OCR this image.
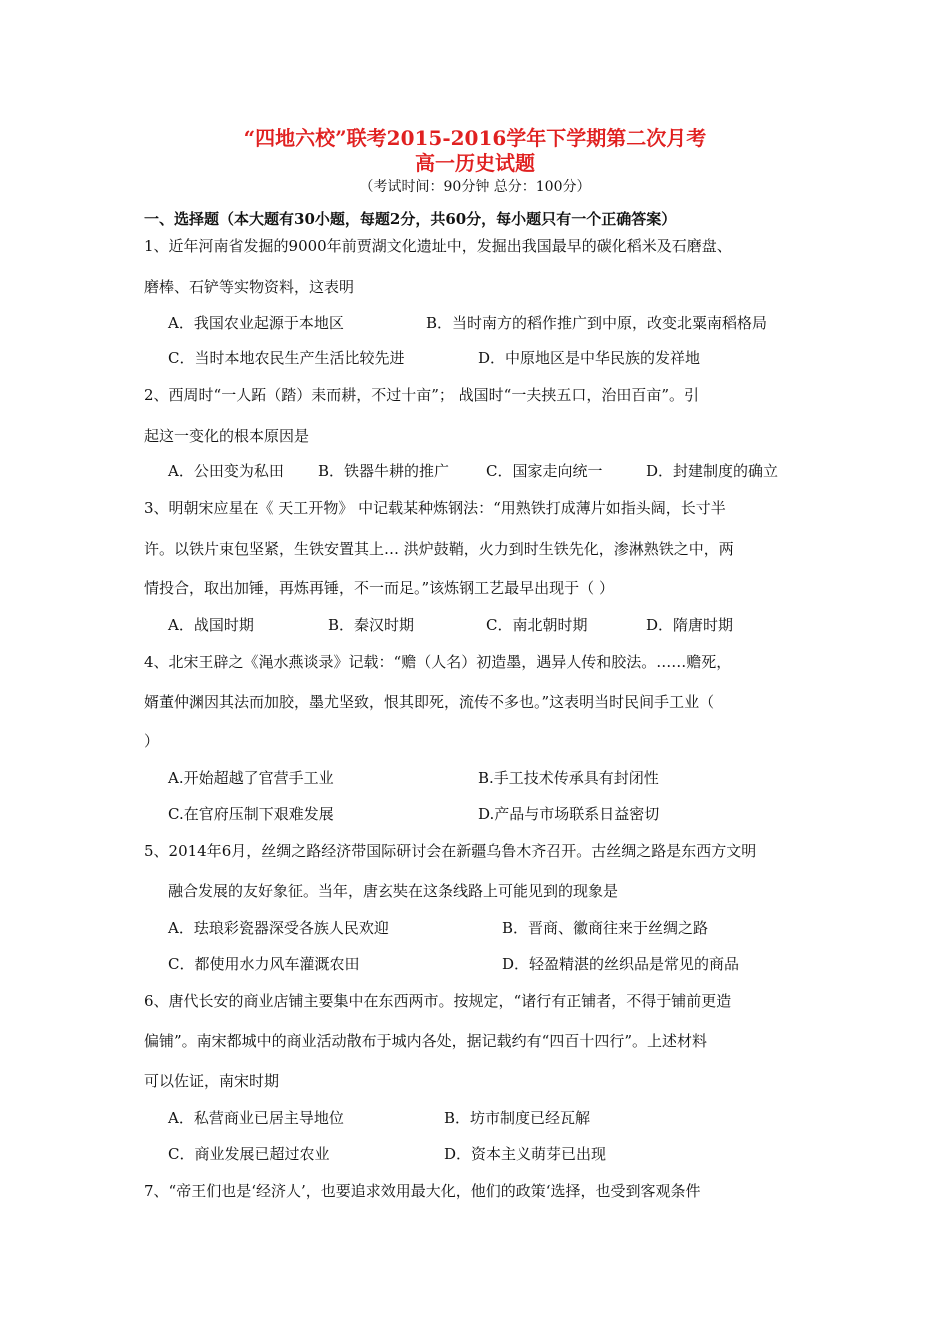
“四地六校”联考2015-2016学年下学期第二次月考
高一历史试题
（考试时间：90分钟 总分：100分）
一、选择题（本大题有30小题，每题2分，共60分，每小题只有一个正确答案）
1、近年河南省发掘的9000年前贾湖文化遗址中，发掘出我国最早的碳化稻米及石磨盘、
磨棒、石铲等实物资料，这表明
A．我国农业起源于本地区	B．当时南方的稻作推广到中原，改变北粟南稻格局
C．当时本地农民生产生活比较先进	D．中原地区是中华民族的发祥地
2、西周时“一人跖（踏）耒而耕，不过十亩”； 战国时“一夫挟五口，治田百亩”。引
起这一变化的根本原因是
A．公田变为私田 B．铁器牛耕的推广 C．国家走向统一	D．封建制度的确立
3、明朝宋应星在《 天工开物》 中记载某种炼钢法：“用熟铁打成薄片如指头阔，长寸半
许。以铁片束包坚紧，生铁安置其上… 洪炉鼓鞘，火力到时生铁先化，渗淋熟铁之中，两
情投合，取出加锤，再炼再锤，不一而足。”该炼钢工艺最早出现于（ ）
A．战国时期	B．秦汉时期	C．南北朝时期	D．隋唐时期
4、北宋王辟之《渑水燕谈录》记载：“赡（人名）初造墨，遇异人传和胶法。……赡死，
婿董仲渊因其法而加胶，墨尤坚致，恨其即死，流传不多也。”这表明当时民间手工业（
）
A.开始超越了官营手工业	B.手工技术传承具有封闭性
C.在官府压制下艰难发展	D.产品与市场联系日益密切
5、2014年6月，丝绸之路经济带国际研讨会在新疆乌鲁木齐召开。古丝绸之路是东西方文明
融合发展的友好象征。当年，唐玄奘在这条线路上可能见到的现象是
A．珐琅彩瓷器深受各族人民欢迎	B．晋商、徽商往来于丝绸之路
C．都使用水力风车灌溉农田	D．轻盈精湛的丝织品是常见的商品
6、唐代长安的商业店铺主要集中在东西两市。按规定，“诸行有正铺者，不得于铺前更造
偏铺”。南宋都城中的商业活动散布于城内各处，据记载约有“四百十四行”。上述材料
可以佐证，南宋时期
A．私营商业已居主导地位	B．坊市制度已经瓦解
C．商业发展已超过农业	D．资本主义萌芽已出现
7、“帝王们也是‘经济人’，也要追求效用最大化，他们的政策‘选择，也受到客观条件
